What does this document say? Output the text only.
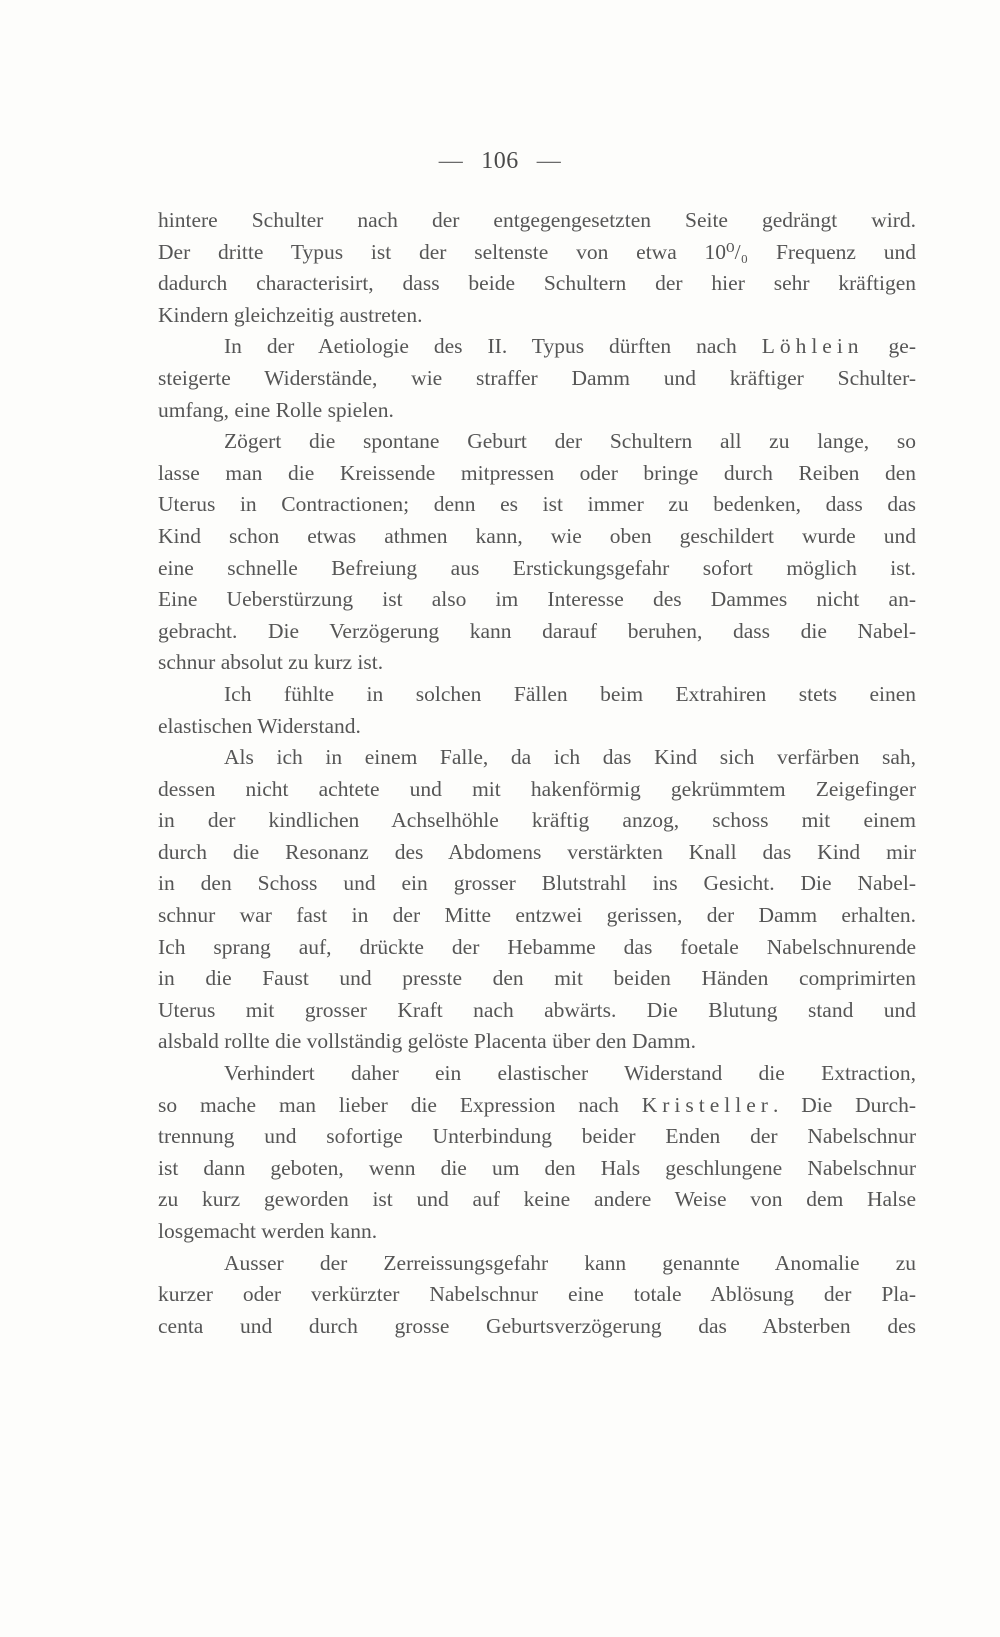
— 106 —
hintere Schulter nach der entgegengesetzten Seite gedrängt wird.
Der dritte Typus ist der seltenste von etwa 10⁰/₀ Frequenz und
dadurch characterisirt, dass beide Schultern der hier sehr kräftigen
Kindern gleichzeitig austreten.
In der Aetiologie des II. Typus dürften nach Löhlein ge-
steigerte Widerstände, wie straffer Damm und kräftiger Schulter-
umfang, eine Rolle spielen.
Zögert die spontane Geburt der Schultern all zu lange, so
lasse man die Kreissende mitpressen oder bringe durch Reiben den
Uterus in Contractionen; denn es ist immer zu bedenken, dass das
Kind schon etwas athmen kann, wie oben geschildert wurde und
eine schnelle Befreiung aus Erstickungsgefahr sofort möglich ist.
Eine Ueberstürzung ist also im Interesse des Dammes nicht an-
gebracht. Die Verzögerung kann darauf beruhen, dass die Nabel-
schnur absolut zu kurz ist.
Ich fühlte in solchen Fällen beim Extrahiren stets einen
elastischen Widerstand.
Als ich in einem Falle, da ich das Kind sich verfärben sah,
dessen nicht achtete und mit hakenförmig gekrümmtem Zeigefinger
in der kindlichen Achselhöhle kräftig anzog, schoss mit einem
durch die Resonanz des Abdomens verstärkten Knall das Kind mir
in den Schoss und ein grosser Blutstrahl ins Gesicht. Die Nabel-
schnur war fast in der Mitte entzwei gerissen, der Damm erhalten.
Ich sprang auf, drückte der Hebamme das foetale Nabelschnurende
in die Faust und presste den mit beiden Händen comprimirten
Uterus mit grosser Kraft nach abwärts. Die Blutung stand und
alsbald rollte die vollständig gelöste Placenta über den Damm.
Verhindert daher ein elastischer Widerstand die Extraction,
so mache man lieber die Expression nach Kristeller. Die Durch-
trennung und sofortige Unterbindung beider Enden der Nabelschnur
ist dann geboten, wenn die um den Hals geschlungene Nabelschnur
zu kurz geworden ist und auf keine andere Weise von dem Halse
losgemacht werden kann.
Ausser der Zerreissungsgefahr kann genannte Anomalie zu
kurzer oder verkürzter Nabelschnur eine totale Ablösung der Pla-
centa und durch grosse Geburtsverzögerung das Absterben des
